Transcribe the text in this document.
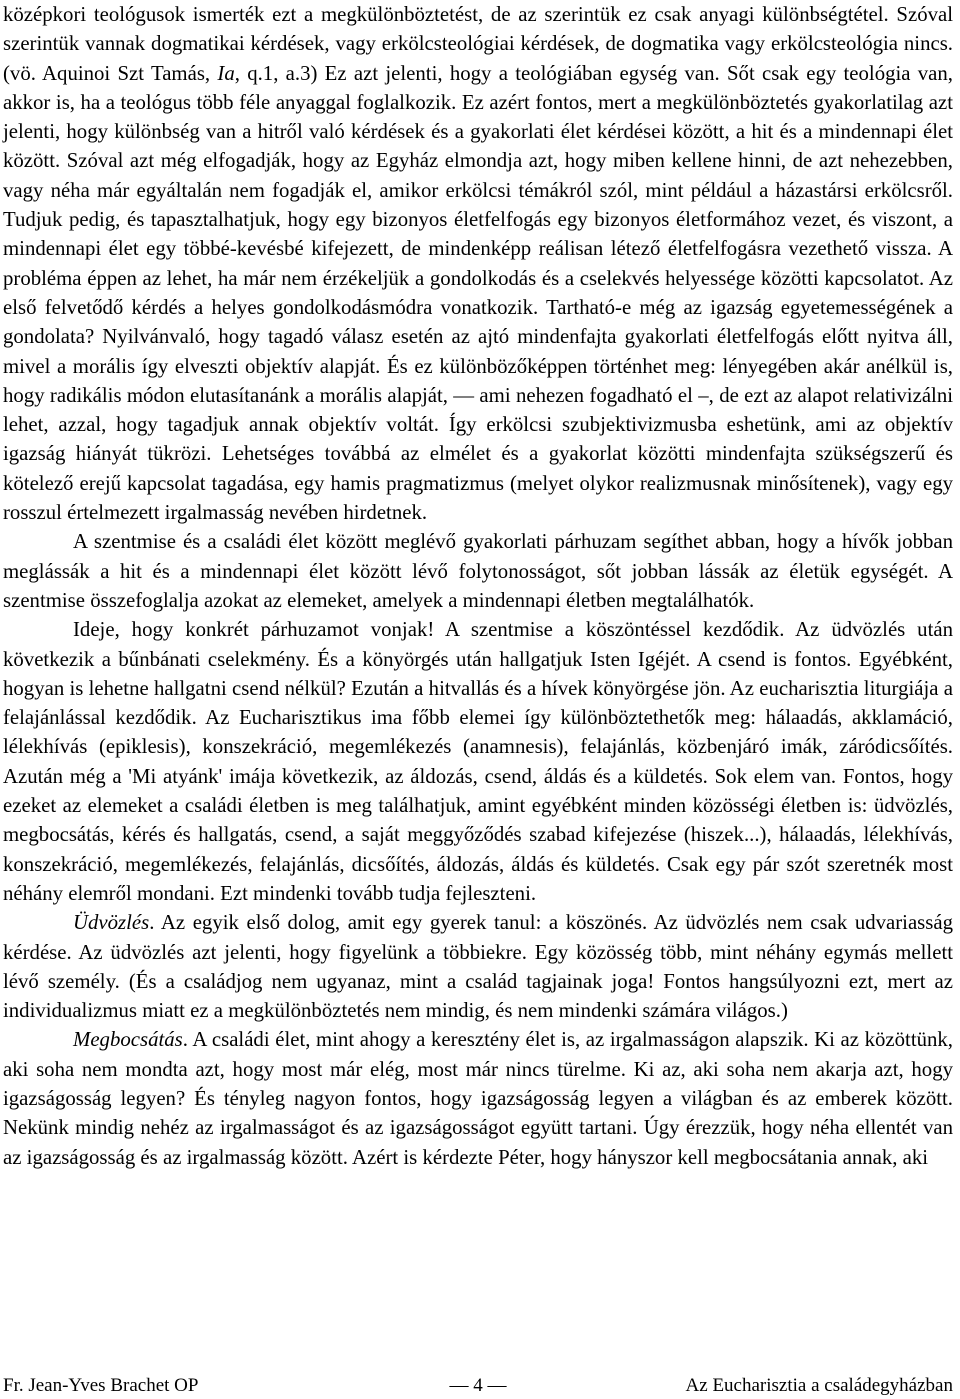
középkori teológusok ismerték ezt a megkülönböztetést, de az szerintük ez csak anyagi különbségtétel. Szóval szerintük vannak dogmatikai kérdések, vagy erkölcsteológiai kérdések, de dogmatika vagy erkölcsteológia nincs. (vö. Aquinoi Szt Tamás, Ia, q.1, a.3) Ez azt jelenti, hogy a teológiában egység van. Sőt csak egy teológia van, akkor is, ha a teológus több féle anyaggal foglalkozik. Ez azért fontos, mert a megkülönböztetés gyakorlatilag azt jelenti, hogy különbség van a hitről való kérdések és a gyakorlati élet kérdései között, a hit és a mindennapi élet között. Szóval azt még elfogadják, hogy az Egyház elmondja azt, hogy miben kellene hinni, de azt nehezebben, vagy néha már egyáltalán nem fogadják el, amikor erkölcsi témákról szól, mint például a házastársi erkölcsről. Tudjuk pedig, és tapasztalhatjuk, hogy egy bizonyos életfelfogás egy bizonyos életformához vezet, és viszont, a mindennapi élet egy többé-kevésbé kifejezett, de mindenképp reálisan létező életfelfogásra vezethető vissza. A probléma éppen az lehet, ha már nem érzékeljük a gondolkodás és a cselekvés helyessége közötti kapcsolatot. Az első felvetődő kérdés a helyes gondolkodásmódra vonatkozik. Tartható-e még az igazság egyetemességének a gondolata? Nyilvánvaló, hogy tagadó válasz esetén az ajtó mindenfajta gyakorlati életfelfogás előtt nyitva áll, mivel a morális így elveszti objektív alapját. És ez különbözőképpen történhet meg: lényegében akár anélkül is, hogy radikális módon elutasítanánk a morális alapját, — ami nehezen fogadható el –, de ezt az alapot relativizálni lehet, azzal, hogy tagadjuk annak objektív voltát. Így erkölcsi szubjektivizmusba eshetünk, ami az objektív igazság hiányát tükrözi. Lehetséges továbbá az elmélet és a gyakorlat közötti mindenfajta szükségszerű és kötelező erejű kapcsolat tagadása, egy hamis pragmatizmus (melyet olykor realizmusnak minősítenek), vagy egy rosszul értelmezett irgalmasság nevében hirdetnek.

A szentmise és a családi élet között meglévő gyakorlati párhuzam segíthet abban, hogy a hívők jobban meglássák a hit és a mindennapi élet között lévő folytonosságot, sőt jobban lássák az életük egységét. A szentmise összefoglalja azokat az elemeket, amelyek a mindennapi életben megtalálhatók.

Ideje, hogy konkrét párhuzamot vonjak! A szentmise a köszöntéssel kezdődik. Az üdvözlés után következik a bűnbánati cselekmény. És a könyörgés után hallgatjuk Isten Igéjét. A csend is fontos. Egyébként, hogyan is lehetne hallgatni csend nélkül? Ezután a hitvallás és a hívek könyörgése jön. Az eucharisztia liturgiája a felajánlással kezdődik. Az Eucharisztikus ima főbb elemei így különböztethetők meg: hálaadás, akklamáció, lélekhívás (epiklesis), konszekráció, megemlékezés (anamnesis), felajánlás, közbenjáró imák, záródicsőítés. Azután még a 'Mi atyánk' imája következik, az áldozás, csend, áldás és a küldetés. Sok elem van. Fontos, hogy ezeket az elemeket a családi életben is meg találhatjuk, amint egyébként minden közösségi életben is: üdvözlés, megbocsátás, kérés és hallgatás, csend, a saját meggyőződés szabad kifejezése (hiszek...), hálaadás, lélekhívás, konszekráció, megemlékezés, felajánlás, dicsőítés, áldozás, áldás és küldetés. Csak egy pár szót szeretnék most néhány elemről mondani. Ezt mindenki tovább tudja fejleszteni.

Üdvözlés. Az egyik első dolog, amit egy gyerek tanul: a köszönés. Az üdvözlés nem csak udvariasság kérdése. Az üdvözlés azt jelenti, hogy figyelünk a többiekre. Egy közösség több, mint néhány egymás mellett lévő személy. (És a családjog nem ugyanaz, mint a család tagjainak joga! Fontos hangsúlyozni ezt, mert az individualizmus miatt ez a megkülönböztetés nem mindig, és nem mindenki számára világos.)

Megbocsátás. A családi élet, mint ahogy a keresztény élet is, az irgalmasságon alapszik. Ki az közöttünk, aki soha nem mondta azt, hogy most már elég, most már nincs türelme. Ki az, aki soha nem akarja azt, hogy igazságosság legyen? És tényleg nagyon fontos, hogy igazságosság legyen a világban és az emberek között. Nekünk mindig nehéz az irgalmasságot és az igazságosságot együtt tartani. Úgy érezzük, hogy néha ellentét van az igazságosság és az irgalmasság között. Azért is kérdezte Péter, hogy hányszor kell megbocsátania annak, aki

Fr. Jean-Yves Brachet OP	— 4 —	Az Eucharisztia a családegyházban
